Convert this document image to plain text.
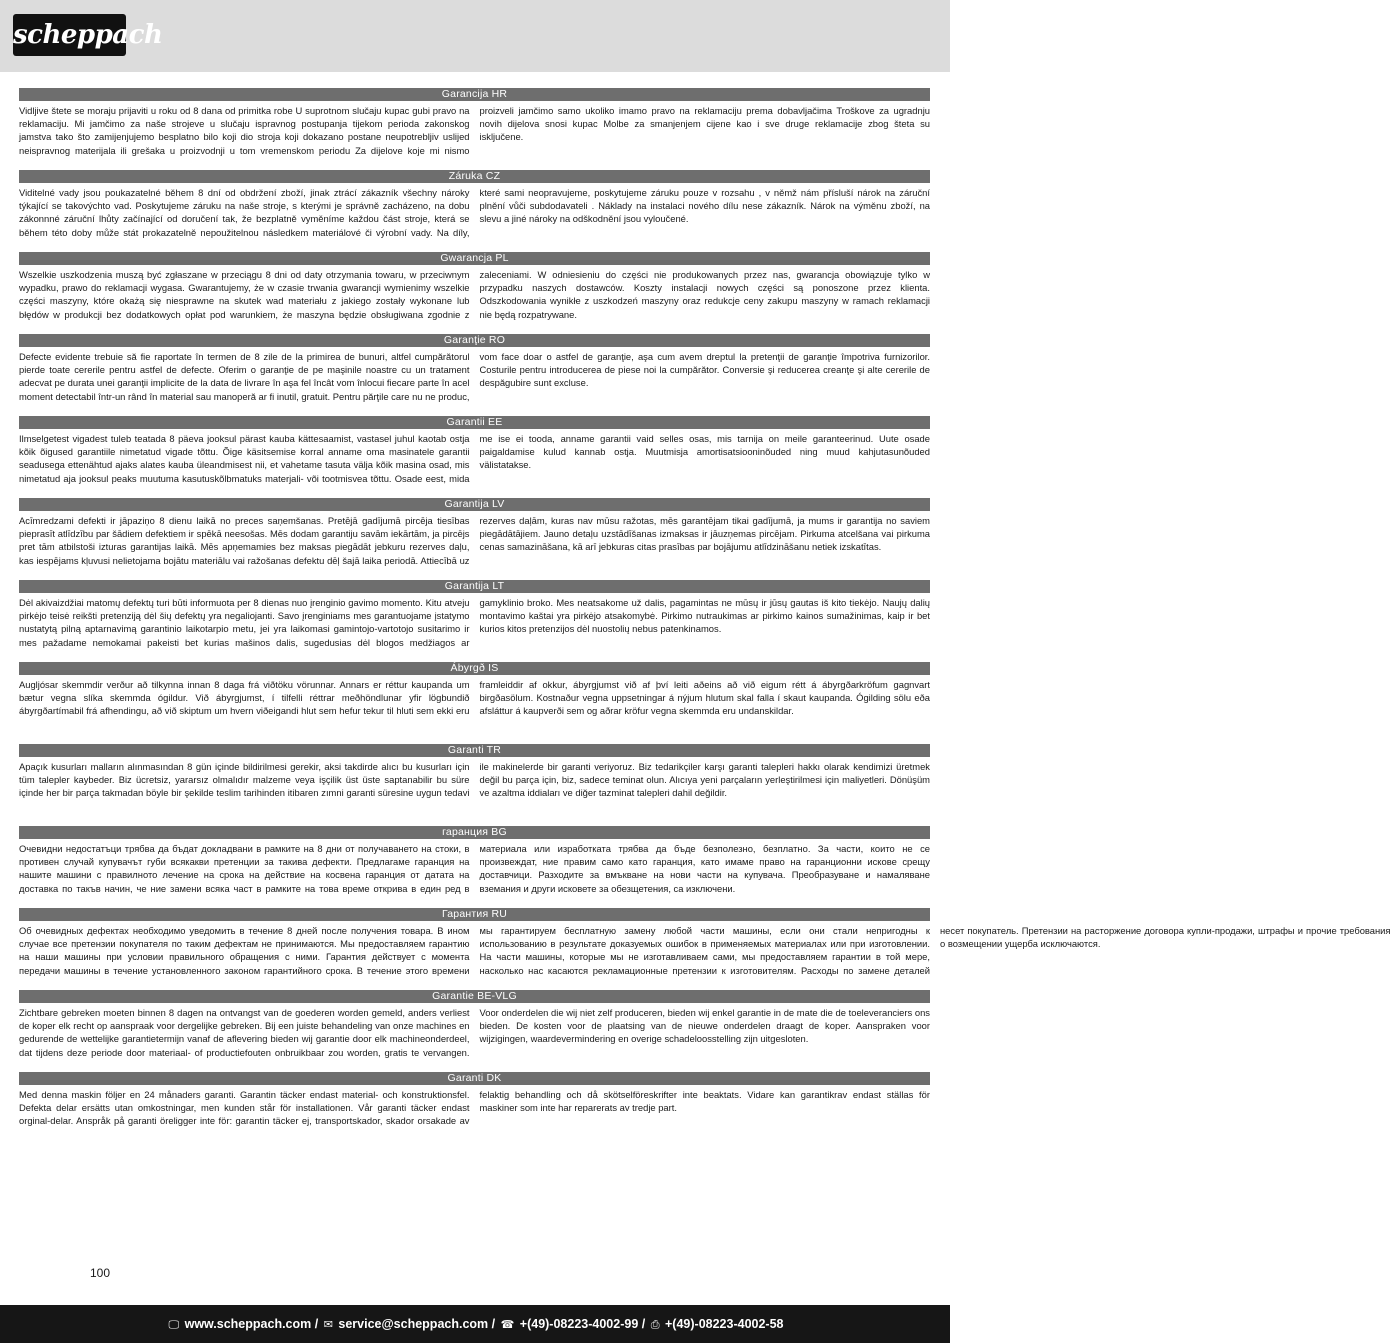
scheppach
Garancija HR
Vidljive štete se moraju prijaviti u roku od 8 dana od primitka robe U suprotnom slučaju kupac gubi pravo na reklamaciju. Mi jamčimo za naše strojeve u slučaju ispravnog postupanja tijekom perioda zakonskog jamstva tako što zamijenjujemo besplatno bilo koji dio stroja koji dokazano postane neupotrebljiv uslijed neispravnog materijala ili grešaka u proizvodnji u tom vremenskom periodu Za dijelove koje mi nismo proizveli jamčimo samo ukoliko imamo pravo na reklamaciju prema dobavljačima Troškove za ugradnju novih dijelova snosi kupac Molbe za smanjenjem cijene kao i sve druge reklamacije zbog šteta su isključene.
Záruka CZ
Viditelné vady jsou poukazatelné během 8 dní od obdržení zboží, jinak ztrácí zákazník všechny nároky týkající se takovýchto vad. Poskytujeme záruku na naše stroje, s kterými je správně zacházeno, na dobu zákonnné záruční lhůty začínající od doručení tak, že bezplatně vyměníme každou část stroje, která se během této doby může stát prokazatelně nepoužitelnou následkem materiálové či výrobní vady. Na díly, které sami neopravujeme, poskytujeme záruku pouze v rozsahu , v němž nám přísluší nárok na záruční plnění vůči subdodavateli . Náklady na instalaci nového dílu nese zákazník. Nárok na výměnu zboží, na slevu a jiné nároky na odškodnění jsou vyloučené.
Gwarancja PL
Wszelkie uszkodzenia muszą być zgłaszane w przeciągu 8 dni od daty otrzymania towaru, w przeciwnym wypadku, prawo do reklamacji wygasa. Gwarantujemy, że w czasie trwania gwarancji wymienimy wszelkie części maszyny, które okażą się niesprawne na skutek wad materiału z jakiego zostały wykonane lub błędów w produkcji bez dodatkowych opłat pod warunkiem, że maszyna będzie obsługiwana zgodnie z zaleceniami. W odniesieniu do części nie produkowanych przez nas, gwarancja obowiązuje tylko w przypadku naszych dostawców. Koszty instalacji nowych części są ponoszone przez klienta. Odszkodowania wynikłe z uszkodzeń maszyny oraz redukcje ceny zakupu maszyny w ramach reklamacji nie będą rozpatrywane.
Garanţie RO
Defecte evidente trebuie să fie raportate în termen de 8 zile de la primirea de bunuri, altfel cumpărătorul pierde toate cererile pentru astfel de defecte. Oferim o garanţie de pe maşinile noastre cu un tratament adecvat pe durata unei garanţii implicite de la data de livrare în aşa fel încât vom înlocui fiecare parte în acel moment detectabil într-un rând în material sau manoperă ar fi inutil, gratuit. Pentru părţile care nu ne produc, vom face doar o astfel de garanţie, aşa cum avem dreptul la pretenţii de garanţie împotriva furnizorilor. Costurile pentru introducerea de piese noi la cumpărător. Conversie şi reducerea creanţe şi alte cererile de despăgubire sunt excluse.
Garantii EE
Ilmselgetest vigadest tuleb teatada 8 päeva jooksul pärast kauba kättesaamist, vastasel juhul kaotab ostja kõik õigused garantiile nimetatud vigade tõttu. Õige käsitsemise korral anname oma masinatele garantii seadusega ettenähtud ajaks alates kauba üleandmisest nii, et vahetame tasuta välja kõik masina osad, mis nimetatud aja jooksul peaks muutuma kasutuskõlbmatuks materjali- või tootmisvea tõttu. Osade eest, mida me ise ei tooda, anname garantii vaid selles osas, mis tarnija on meile garanteerinud. Uute osade paigaldamise kulud kannab ostja. Muutmisja amortisatsiooninõuded ning muud kahjutasunõuded välistatakse.
Garantija LV
Acīmredzami defekti ir jāpaziņo 8 dienu laikā no preces saņemšanas. Pretējā gadījumā pircēja tiesības pieprasīt atlīdzību par šādiem defektiem ir spēkā neesošas. Mēs dodam garantiju savām iekārtām, ja pircējs pret tām atbilstoši izturas garantijas laikā. Mēs apņemamies bez maksas piegādāt jebkuru rezerves daļu, kas iespējams kļuvusi nelietojama bojātu materiālu vai ražošanas defektu dēļ šajā laika periodā. Attiecībā uz rezerves daļām, kuras nav mūsu ražotas, mēs garantējam tikai gadījumā, ja mums ir garantija no saviem piegādātājiem. Jauno detaļu uzstādīšanas izmaksas ir jāuzņemas pircējam. Pirkuma atcelšana vai pirkuma cenas samazināšana, kā arī jebkuras citas prasības par bojājumu atlīdzināšanu netiek izskatītas.
Garantija LT
Dėl akivaizdžiai matomų defektų turi būti informuota per 8 dienas nuo įrenginio gavimo momento. Kitu atveju pirkėjo teisė reikšti pretenziją dėl šių defektų yra negaliojanti. Savo įrenginiams mes garantuojame įstatymo nustatytą pilną aptarnavimą garantinio laikotarpio metu, jei yra laikomasi gamintojo-vartotojo susitarimo ir mes pažadame nemokamai pakeisti bet kurias mašinos dalis, sugedusias dėl blogos medžiagos ar gamyklinio broko. Mes neatsakome už dalis, pagamintas ne mūsų ir jūsų gautas iš kito tiekėjo. Naujų dalių montavimo kaštai yra pirkėjo atsakomybė. Pirkimo nutraukimas ar pirkimo kainos sumažinimas, kaip ir bet kurios kitos pretenzijos dėl nuostolių nebus patenkinamos.
Ábyrgð IS
Augljósar skemmdir verður að tilkynna innan 8 daga frá viðtöku vörunnar. Annars er réttur kaupanda um bætur vegna slíka skemmda ógildur. Við ábyrgjumst, í tilfelli réttrar meðhöndlunar yfir lögbundið ábyrgðartímabil frá afhendingu, að við skiptum um hvern viðeigandi hlut sem hefur tekur til hluti sem ekki eru framleiddir af okkur, ábyrgjumst við af því leiti aðeins að við eigum rétt á ábyrgðarkröfum gagnvart birgðasölum. Kostnaður vegna uppsetningar á nýjum hlutum skal falla í skaut kaupanda. Ógilding sölu eða afsláttur á kaupverði sem og aðrar kröfur vegna skemmda eru undanskildar.
Garanti TR
Apaçık kusurları malların alınmasından 8 gün içinde bildirilmesi gerekir, aksi takdirde alıcı bu kusurları için tüm talepler kaybeder. Biz ücretsiz, yararsız olmalıdır malzeme veya işçilik üst üste saptanabilir bu süre içinde her bir parça takmadan böyle bir şekilde teslim tarihinden itibaren zımni garanti süresine uygun tedavi ile makinelerde bir garanti veriyoruz. Biz tedarikçiler karşı garanti talepleri hakkı olarak kendimizi üretmek değil bu parça için, biz, sadece teminat olun. Alıcıya yeni parçaların yerleştirilmesi için maliyetleri. Dönüşüm ve azaltma iddiaları ve diğer tazminat talepleri dahil değildir.
гаранция BG
Очевидни недостатъци трябва да бъдат докладвани в рамките на 8 дни от получаването на стоки, в противен случай купувачът губи всякакви претенции за такива дефекти. Предлагаме гаранция на нашите машини с правилното лечение на срока на действие на косвена гаранция от датата на доставка по такъв начин, че ние замени всяка част в рамките на това време открива в един ред в материала или изработката трябва да бъде безполезно, безплатно. За части, които не се произвеждат, ние правим само като гаранция, като имаме право на гаранционни искове срещу доставчици. Разходите за вмъкване на нови части на купувача. Преобразуване и намаляване вземания и други исковете за обезщетения, са изключени.
Гарантия RU
Об очевидных дефектах необходимо уведомить в течение 8 дней после получения товара. В ином случае все претензии покупателя по таким дефектам не принимаются. Мы предоставляем гарантию на наши машины при условии правильного обращения с ними. Гарантия действует с момента передачи машины в течение установленного законом гарантийного срока. В течение этого времени мы гарантируем бесплатную замену любой части машины, если они стали непригодны к использованию в результате доказуемых ошибок в применяемых материалах или при изготовлении. На части машины, которые мы не изготавливаем сами, мы предоставляем гарантии в той мере, насколько нас касаются рекламационные претензии к изготовителям. Расходы по замене деталей несет покупатель. Претензии на расторжение договора купли-продажи, штрафы и прочие требования о возмещении ущерба исключаются.
Garantie BE-VLG
Zichtbare gebreken moeten binnen 8 dagen na ontvangst van de goederen worden gemeld, anders verliest de koper elk recht op aanspraak voor dergelijke gebreken. Bij een juiste behandeling van onze machines en gedurende de wettelijke garantietermijn vanaf de aflevering bieden wij garantie door elk machineonderdeel, dat tijdens deze periode door materiaal- of productiefouten onbruikbaar zou worden, gratis te vervangen. Voor onderdelen die wij niet zelf produceren, bieden wij enkel garantie in de mate die de toeleveranciers ons bieden. De kosten voor de plaatsing van de nieuwe onderdelen draagt de koper. Aanspraken voor wijzigingen, waardevermindering en overige schadeloosstelling zijn uitgesloten.
Garanti DK
Med denna maskin följer en 24 månaders garanti. Garantin täcker endast material- och konstruktionsfel. Defekta delar ersätts utan omkostningar, men kunden står för installationen. Vår garanti täcker endast orginal-delar. Anspråk på garanti öreligger inte för: garantin täcker ej, transportskador, skador orsakade av felaktig behandling och då skötselföreskrifter inte beaktats. Vidare kan garantikrav endast ställas för maskiner som inte har reparerats av tredje part.
100
🖵 www.scheppach.com / ✉ service@scheppach.com / ☎ +(49)-08223-4002-99 / ⎙ +(49)-08223-4002-58
